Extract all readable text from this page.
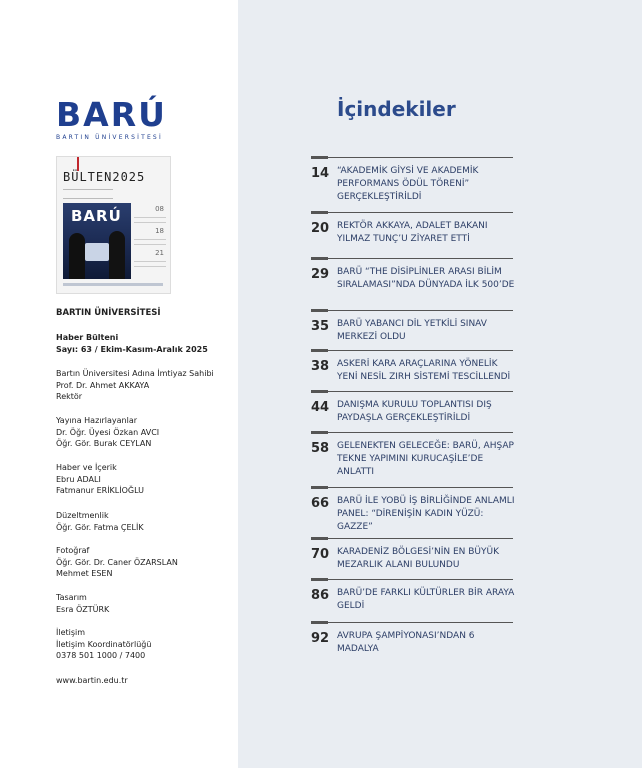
BARÚ
BARTIN ÜNİVERSİTESİ
BÜLTEN2025
BARÚ	08
18
21
BARTIN ÜNİVERSİTESİ
Haber Bülteni
Sayı: 63 / Ekim-Kasım-Aralık 2025
Bartın Üniversitesi Adına İmtiyaz Sahibi
Prof. Dr. Ahmet AKKAYA
Rektör
Yayına Hazırlayanlar
Dr. Öğr. Üyesi Özkan AVCI
Öğr. Gör. Burak CEYLAN
Haber ve İçerik
Ebru ADALI
Fatmanur ERİKLİOĞLU
Düzeltmenlik
Öğr. Gör. Fatma ÇELİK
Fotoğraf
Öğr. Gör. Dr. Caner ÖZARSLAN
Mehmet ESEN
Tasarım
Esra ÖZTÜRK
İletişim
İletişim Koordinatörlüğü
0378 501 1000 / 7400
www.bartin.edu.tr
İçindekiler
14 “AKADEMİK GİYSİ VE AKADEMİK PERFORMANS ÖDÜL TÖRENİ” GERÇEKLEŞTİRİLDİ
20 REKTÖR AKKAYA, ADALET BAKANI YILMAZ TUNÇ’U ZİYARET ETTİ
29 BARÜ “THE DİSİPLİNLER ARASI BİLİM SIRALAMASI”NDA DÜNYADA İLK 500’DE
35 BARÜ YABANCI DİL YETKİLİ SINAV MERKEZİ OLDU
38 ASKERİ KARA ARAÇLARINA YÖNELİK YENİ NESİL ZIRH SİSTEMİ TESCİLLENDİ
44 DANIŞMA KURULU TOPLANTISI DIŞ PAYDAŞLA GERÇEKLEŞTİRİLDİ
58 GELENEKTEN GELECEĞE: BARÜ, AHŞAP TEKNE YAPIMINI KURUCAŞİLE’DE ANLATTI
66 BARÜ İLE YOBÜ İŞ BİRLİĞİNDE ANLAMLI PANEL: “DİRENİŞİN KADIN YÜZÜ: GAZZE”
70 KARADENİZ BÖLGESİ’NİN EN BÜYÜK MEZARLIK ALANI BULUNDU
86 BARÜ’DE FARKLI KÜLTÜRLER BİR ARAYA GELDİ
92 AVRUPA ŞAMPİYONASI’NDAN 6 MADALYA
